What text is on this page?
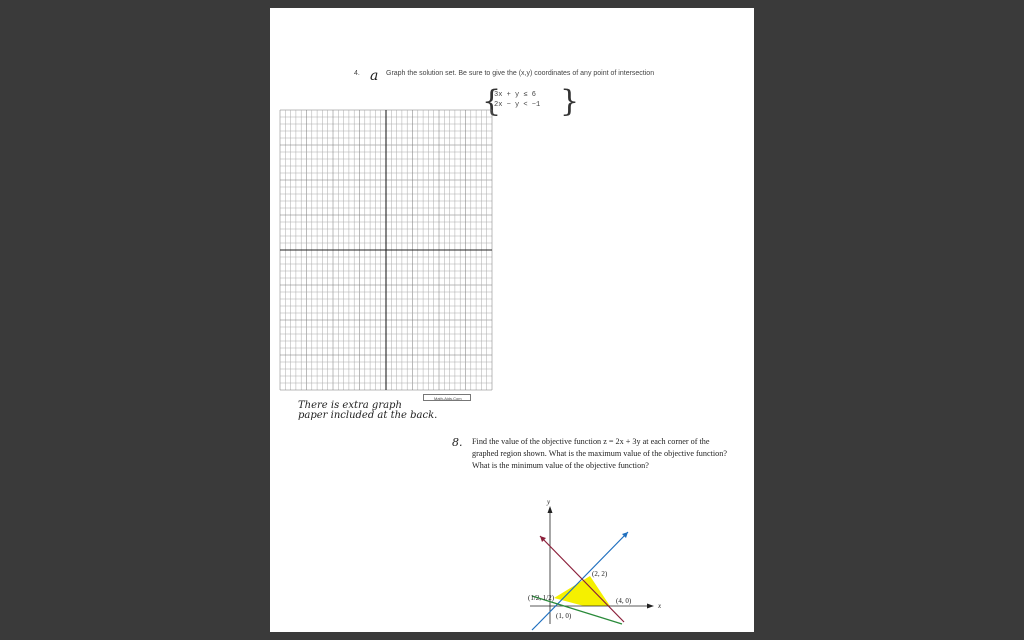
4. a Graph the solution set. Be sure to give the (x,y) coordinates of any point of intersection
{
3x + y ≤ 6
2x − y < −1 }
Math-Aids.Com
There is extra graph
paper included at the back.
8. Find the value of the objective function z = 2x + 3y at each corner of the graphed region shown. What is the maximum value of the objective function? What is the minimum value of the objective function?
y
x
(2, 2)
(4, 0)
(1, 0)
(1/2, 1/2)
